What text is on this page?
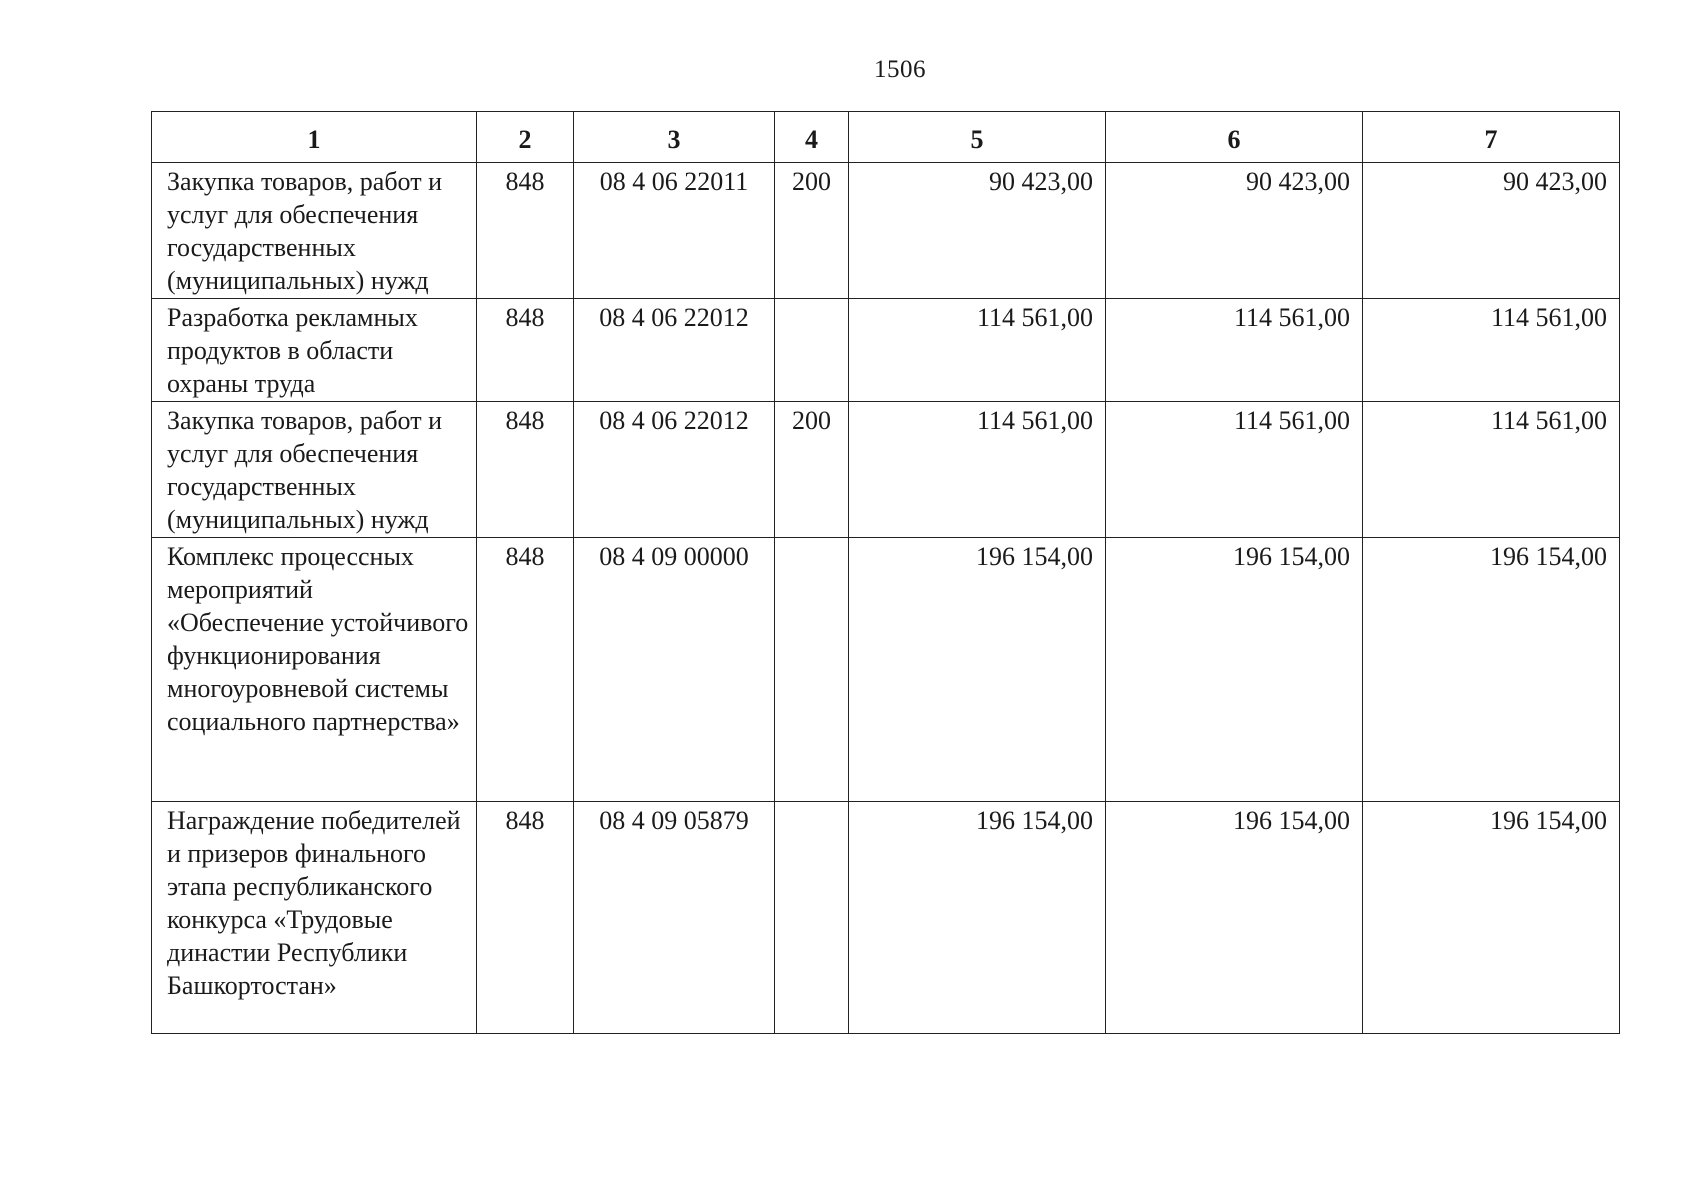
1506
1	2	3	4	5	6	7
Закупка товаров, работ и услуг для обеспечения государственных (муниципальных) нужд	848	08 4 06 22011	200	90 423,00	90 423,00	90 423,00
Разработка рекламных продуктов в области охраны труда	848	08 4 06 22012		114 561,00	114 561,00	114 561,00
Закупка товаров, работ и услуг для обеспечения государственных (муниципальных) нужд	848	08 4 06 22012	200	114 561,00	114 561,00	114 561,00
Комплекс процессных мероприятий «Обеспечение устойчивого функционирования многоуровневой системы социального партнерства»	848	08 4 09 00000		196 154,00	196 154,00	196 154,00
Награждение победителей и призеров финального этапа республиканского конкурса «Трудовые династии Республики Башкортостан»	848	08 4 09 05879		196 154,00	196 154,00	196 154,00
